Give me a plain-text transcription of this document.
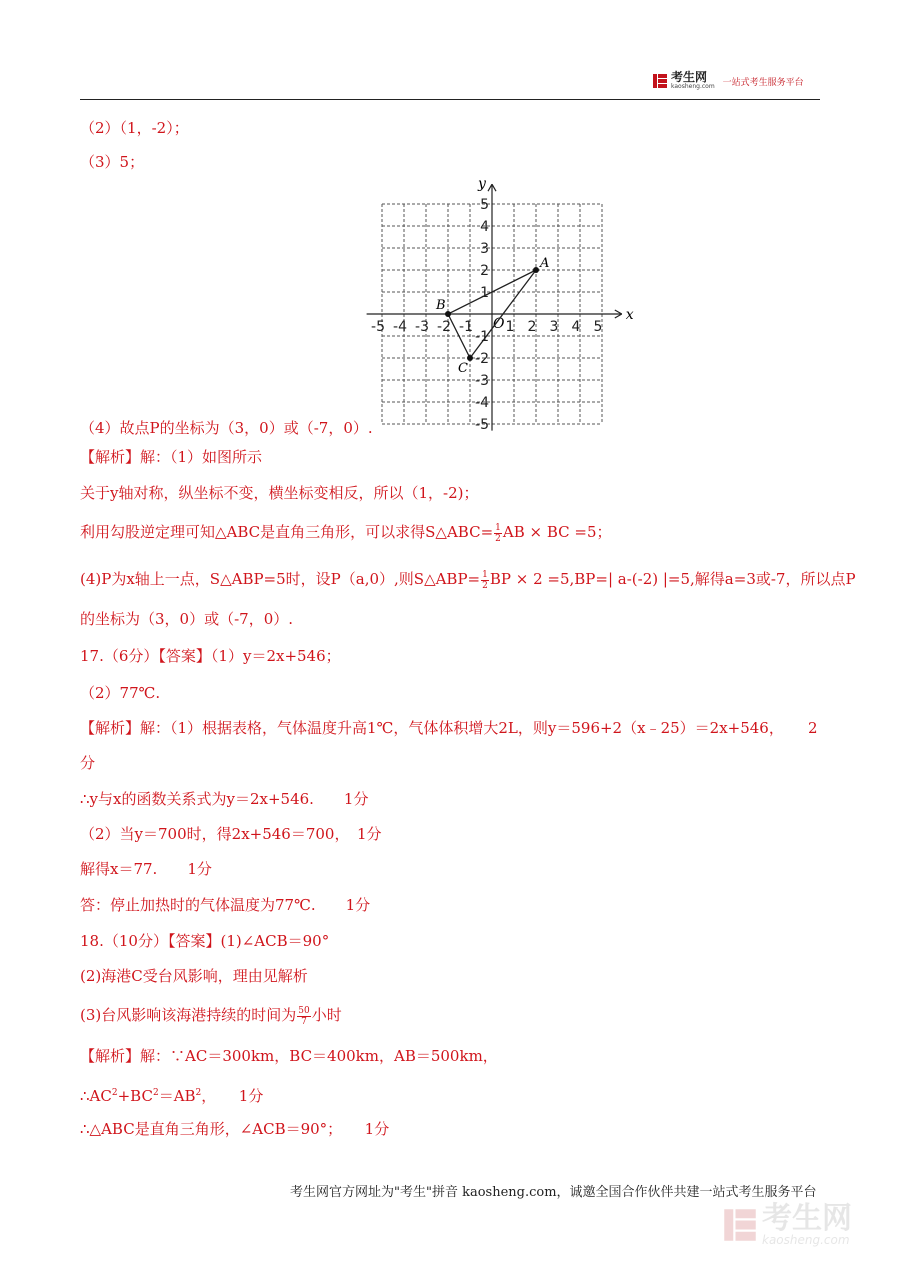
考生网
kaosheng.com 一站式考生服务平台
（2）（1，-2）；
（3）5；
x
y
O
-5 -4 -3 -2 -1 1 2 3 4 5
5
4
3
2
1
-1
-2
-3
-4
-5
A
B
C
（4）故点P的坐标为（3，0）或（-7，0）.
【解析】解：（1）如图所示
关于y轴对称，纵坐标不变，横坐标变相反，所以（1，-2)；
利用勾股逆定理可知△ABC是直角三角形，可以求得S△ABC= $\frac{1}{2}$ AB × BC =5；
(4)P为x轴上一点，S△ABP=5时，设P（a,0）,则S△ABP= $\frac{1}{2}$ BP × 2 =5,BP=| a-(-2) |=5,解得a=3或-7，所以点P
的坐标为（3，0）或（-7，0）.
17.（6分）【答案】（1）y＝2x+546；
（2）77℃.
【解析】解：（1）根据表格，气体温度升高1℃，气体体积增大2L，则y＝596+2（x﹣25）＝2x+546， 2
分
∴y与x的函数关系式为y＝2x+546.　　1分
（2）当y＝700时，得2x+546＝700，　1分
解得x＝77.　　1分
答：停止加热时的气体温度为77℃.　　1分
18.（10分）【答案】(1)∠ACB＝90°
(2)海港C受台风影响，理由见解析
(3)台风影响该海港持续的时间为 $\frac{50}{7}$ 小时
【解析】解：∵AC＝300km，BC＝400km，AB＝500km，
$\therefore AC^2+BC^2=AB^2$，　　1分
∴△ABC是直角三角形，∠ACB＝90°；　　1分
考生网官方网址为"考生"拼音 kaosheng.com，诚邀全国合作伙伴共建一站式考生服务平台
考生网
kaosheng.com
